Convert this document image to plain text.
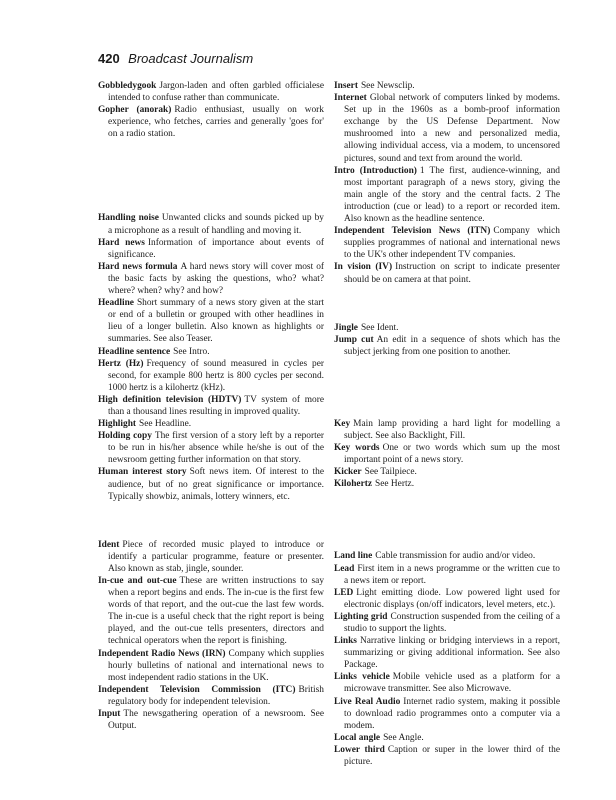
420 Broadcast Journalism

Gobbledygook Jargon-laden and often garbled officialese intended to confuse rather than communicate.

Gopher (anorak) Radio enthusiast, usually on work experience, who fetches, carries and generally 'goes for' on a radio station.

Handling noise Unwanted clicks and sounds picked up by a microphone as a result of handling and moving it.

Hard news Information of importance about events of significance.

Hard news formula A hard news story will cover most of the basic facts by asking the questions, who? what? where? when? why? and how?

Headline Short summary of a news story given at the start or end of a bulletin or grouped with other headlines in lieu of a longer bulletin. Also known as highlights or summaries. See also Teaser.

Headline sentence See Intro.

Hertz (Hz) Frequency of sound measured in cycles per second, for example 800 hertz is 800 cycles per second. 1000 hertz is a kilohertz (kHz).

High definition television (HDTV) TV system of more than a thousand lines resulting in improved quality.

Highlight See Headline.

Holding copy The first version of a story left by a reporter to be run in his/her absence while he/she is out of the newsroom getting further information on that story.

Human interest story Soft news item. Of interest to the audience, but of no great significance or importance. Typically showbiz, animals, lottery winners, etc.

Ident Piece of recorded music played to introduce or identify a particular programme, feature or presenter. Also known as stab, jingle, sounder.

In-cue and out-cue These are written instructions to say when a report begins and ends. The in-cue is the first few words of that report, and the out-cue the last few words. The in-cue is a useful check that the right report is being played, and the out-cue tells presenters, directors and technical operators when the report is finishing.

Independent Radio News (IRN) Company which supplies hourly bulletins of national and international news to most independent radio stations in the UK.

Independent Television Commission (ITC) British regulatory body for independent television.

Input The newsgathering operation of a newsroom. See Output.

Insert See Newsclip.

Internet Global network of computers linked by modems. Set up in the 1960s as a bomb-proof information exchange by the US Defense Department. Now mushroomed into a new and personalized media, allowing individual access, via a modem, to uncensored pictures, sound and text from around the world.

Intro (Introduction) 1 The first, audience-winning, and most important paragraph of a news story, giving the main angle of the story and the central facts. 2 The introduction (cue or lead) to a report or recorded item. Also known as the headline sentence.

Independent Television News (ITN) Company which supplies programmes of national and international news to the UK's other independent TV companies.

In vision (IV) Instruction on script to indicate presenter should be on camera at that point.

Jingle See Ident.

Jump cut An edit in a sequence of shots which has the subject jerking from one position to another.

Key Main lamp providing a hard light for modelling a subject. See also Backlight, Fill.

Key words One or two words which sum up the most important point of a news story.

Kicker See Tailpiece.

Kilohertz See Hertz.

Land line Cable transmission for audio and/or video.

Lead First item in a news programme or the written cue to a news item or report.

LED Light emitting diode. Low powered light used for electronic displays (on/off indicators, level meters, etc.).

Lighting grid Construction suspended from the ceiling of a studio to support the lights.

Links Narrative linking or bridging interviews in a report, summarizing or giving additional information. See also Package.

Links vehicle Mobile vehicle used as a platform for a microwave transmitter. See also Microwave.

Live Real Audio Internet radio system, making it possible to download radio programmes onto a computer via a modem.

Local angle See Angle.

Lower third Caption or super in the lower third of the picture.
